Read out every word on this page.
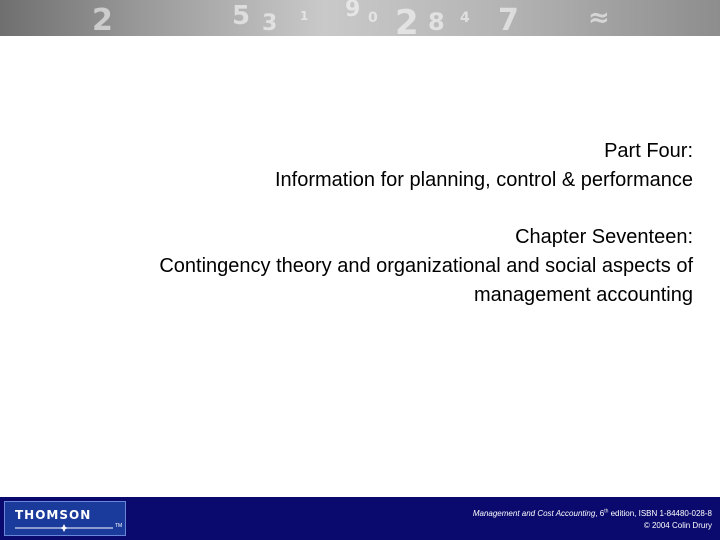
2	5 3
9 0 2 8 7	≈
1	4
Part Four:
Information for planning, control & performance
Chapter Seventeen:
Contingency theory and organizational and social aspects of
management accounting
THOMSON
TM
Management and Cost Accounting, 6th edition, ISBN 1-84480-028-8
© 2004 Colin Drury
